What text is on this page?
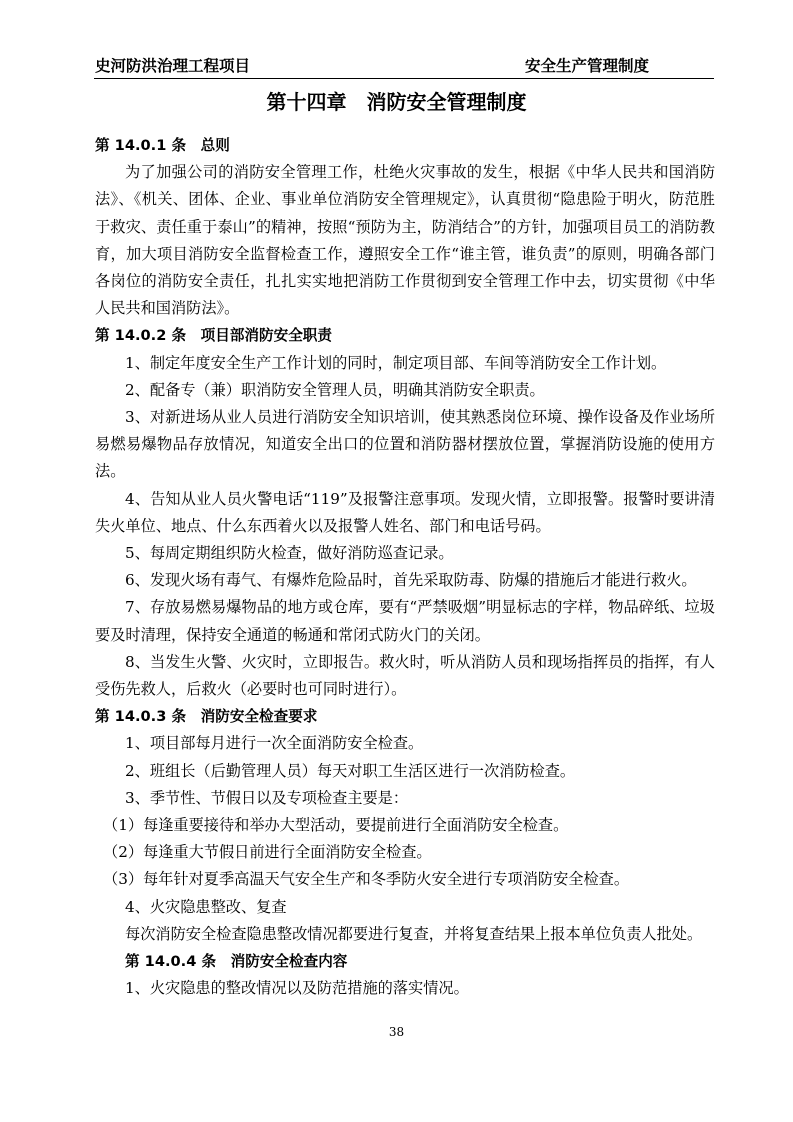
史河防洪治理工程项目	安全生产管理制度
第十四章　消防安全管理制度
第 14.0.1 条　总则
为了加强公司的消防安全管理工作，杜绝火灾事故的发生，根据《中华人民共和国消防法》、《机关、团体、企业、事业单位消防安全管理规定》，认真贯彻“隐患险于明火，防范胜于救灾、责任重于泰山”的精神，按照“预防为主，防消结合”的方针，加强项目员工的消防教育，加大项目消防安全监督检查工作，遵照安全工作“谁主管，谁负责”的原则，明确各部门各岗位的消防安全责任，扎扎实实地把消防工作贯彻到安全管理工作中去，切实贯彻《中华人民共和国消防法》。
第 14.0.2 条　项目部消防安全职责
1、制定年度安全生产工作计划的同时，制定项目部、车间等消防安全工作计划。
2、配备专（兼）职消防安全管理人员，明确其消防安全职责。
3、对新进场从业人员进行消防安全知识培训，使其熟悉岗位环境、操作设备及作业场所易燃易爆物品存放情况，知道安全出口的位置和消防器材摆放位置，掌握消防设施的使用方法。
4、告知从业人员火警电话“119”及报警注意事项。发现火情，立即报警。报警时要讲清失火单位、地点、什么东西着火以及报警人姓名、部门和电话号码。
5、每周定期组织防火检查，做好消防巡查记录。
6、发现火场有毒气、有爆炸危险品时，首先采取防毒、防爆的措施后才能进行救火。
7、存放易燃易爆物品的地方或仓库，要有“严禁吸烟”明显标志的字样，物品碎纸、垃圾要及时清理，保持安全通道的畅通和常闭式防火门的关闭。
8、当发生火警、火灾时，立即报告。救火时，听从消防人员和现场指挥员的指挥，有人受伤先救人，后救火（必要时也可同时进行）。
第 14.0.3 条　消防安全检查要求
1、项目部每月进行一次全面消防安全检查。
2、班组长（后勤管理人员）每天对职工生活区进行一次消防检查。
3、季节性、节假日以及专项检查主要是：
（1）每逢重要接待和举办大型活动，要提前进行全面消防安全检查。
（2）每逢重大节假日前进行全面消防安全检查。
（3）每年针对夏季高温天气安全生产和冬季防火安全进行专项消防安全检查。
4、火灾隐患整改、复查
每次消防安全检查隐患整改情况都要进行复查，并将复查结果上报本单位负责人批处。
第 14.0.4 条　消防安全检查内容
1、火灾隐患的整改情况以及防范措施的落实情况。
38
